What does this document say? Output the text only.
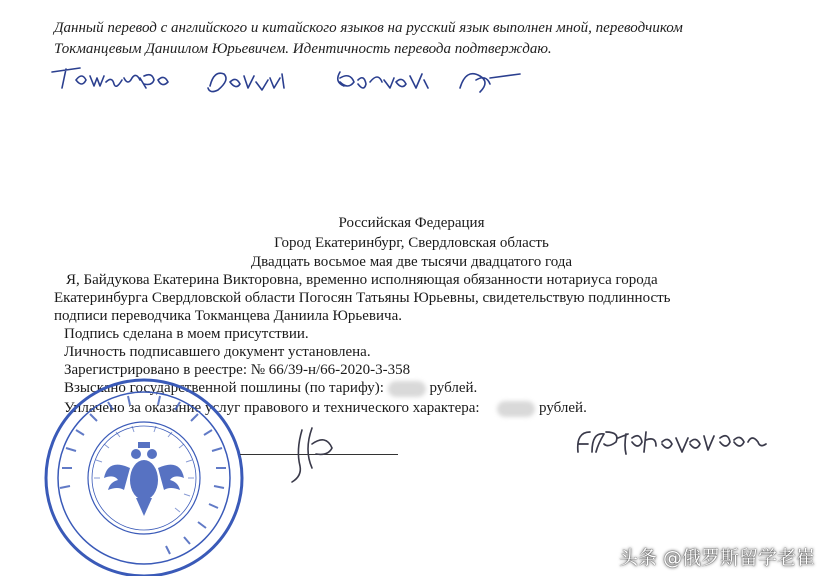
Данный перевод с английского и китайского языков на русский язык выполнен мной, переводчиком
Токманцевым Даниилом Юрьевичем. Идентичность перевода подтверждаю.
Российская Федерация
Город Екатеринбург, Свердловская область
Двадцать восьмое мая две тысячи двадцатого года
Я, Байдукова Екатерина Викторовна, временно исполняющая обязанности нотариуса города
Екатеринбурга Свердловской области Погосян Татьяны Юрьевны, свидетельствую подлинность
подписи переводчика Токманцева Даниила Юрьевича.
Подпись сделана в моем присутствии.
Личность подписавшего документ установлена.
Зарегистрировано в реестре: № 66/39-н/66-2020-3-358
Взыскано государственной пошлины (по тарифу):	рублей.
Уплачено за оказание услуг правового и технического характера:	рублей.
头条 @俄罗斯留学老崔
